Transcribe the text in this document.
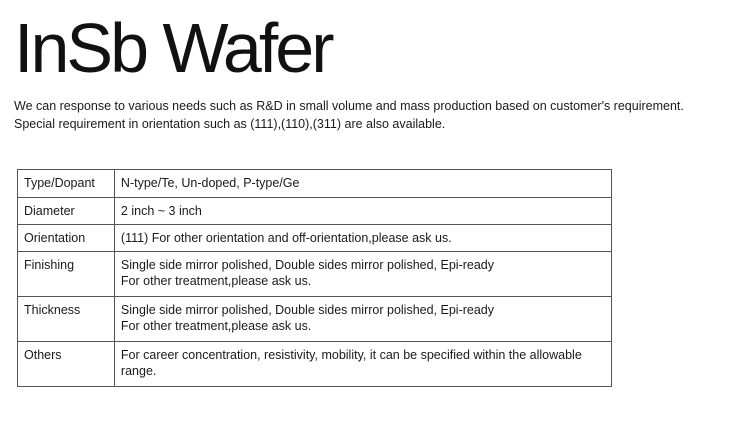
InSb Wafer

We can response to various needs such as R&D in small volume and mass production based on customer's requirement.

Special requirement in orientation such as (111),(110),(311) are also available.

Type/Dopant	N-type/Te, Un-doped, P-type/Ge

Diameter	2 inch ~ 3 inch

Orientation	(111) For other orientation and off-orientation,please ask us.

Finishing	Single side mirror polished, Double sides mirror polished, Epi-ready
For other treatment,please ask us.

Thickness	Single side mirror polished, Double sides mirror polished, Epi-ready
For other treatment,please ask us.

Others	For career concentration, resistivity, mobility, it can be specified within the allowable
range.
